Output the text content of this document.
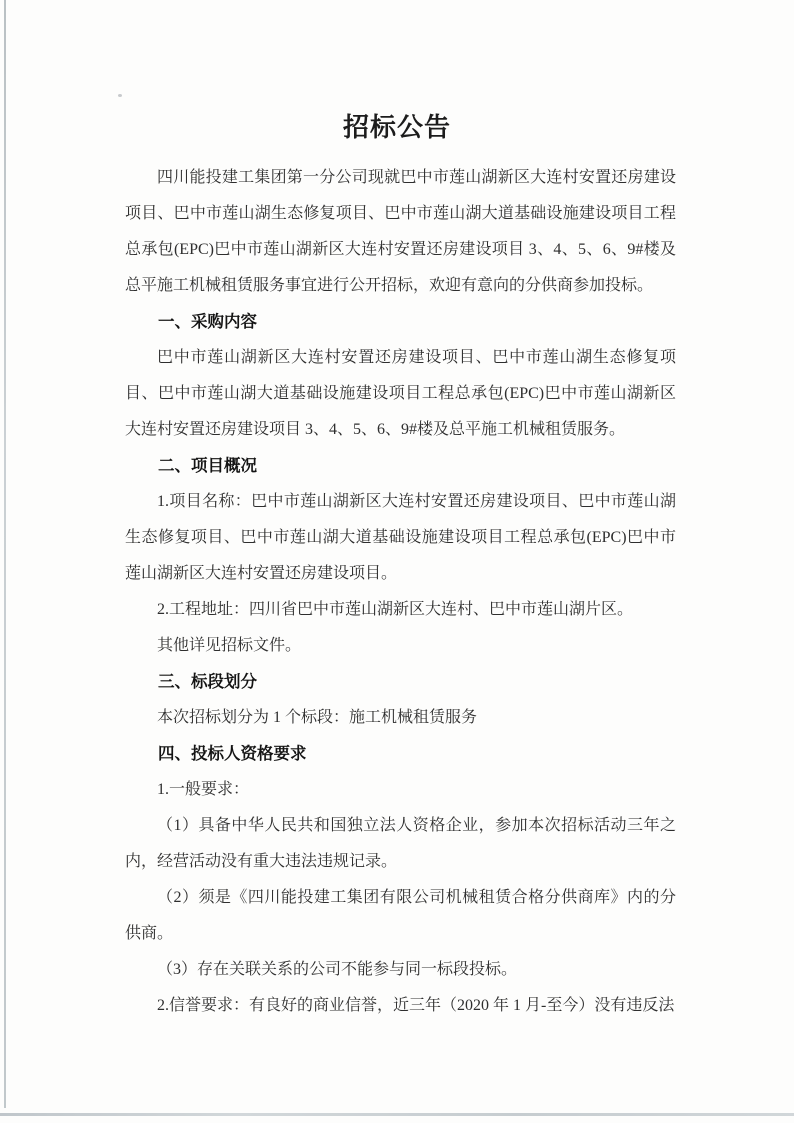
招标公告

四川能投建工集团第一分公司现就巴中市莲山湖新区大连村安置还房建设项目、巴中市莲山湖生态修复项目、巴中市莲山湖大道基础设施建设项目工程总承包(EPC)巴中市莲山湖新区大连村安置还房建设项目 3、4、5、6、9#楼及总平施工机械租赁服务事宜进行公开招标，欢迎有意向的分供商参加投标。

一、采购内容

巴中市莲山湖新区大连村安置还房建设项目、巴中市莲山湖生态修复项目、巴中市莲山湖大道基础设施建设项目工程总承包(EPC)巴中市莲山湖新区大连村安置还房建设项目 3、4、5、6、9#楼及总平施工机械租赁服务。

二、项目概况

1.项目名称：巴中市莲山湖新区大连村安置还房建设项目、巴中市莲山湖生态修复项目、巴中市莲山湖大道基础设施建设项目工程总承包(EPC)巴中市莲山湖新区大连村安置还房建设项目。

2.工程地址：四川省巴中市莲山湖新区大连村、巴中市莲山湖片区。

其他详见招标文件。

三、标段划分

本次招标划分为 1 个标段：施工机械租赁服务

四、投标人资格要求

1.一般要求：

（1）具备中华人民共和国独立法人资格企业，参加本次招标活动三年之内，经营活动没有重大违法违规记录。

（2）须是《四川能投建工集团有限公司机械租赁合格分供商库》内的分供商。

（3）存在关联关系的公司不能参与同一标段投标。

2.信誉要求：有良好的商业信誉，近三年（2020 年 1 月-至今）没有违反法
